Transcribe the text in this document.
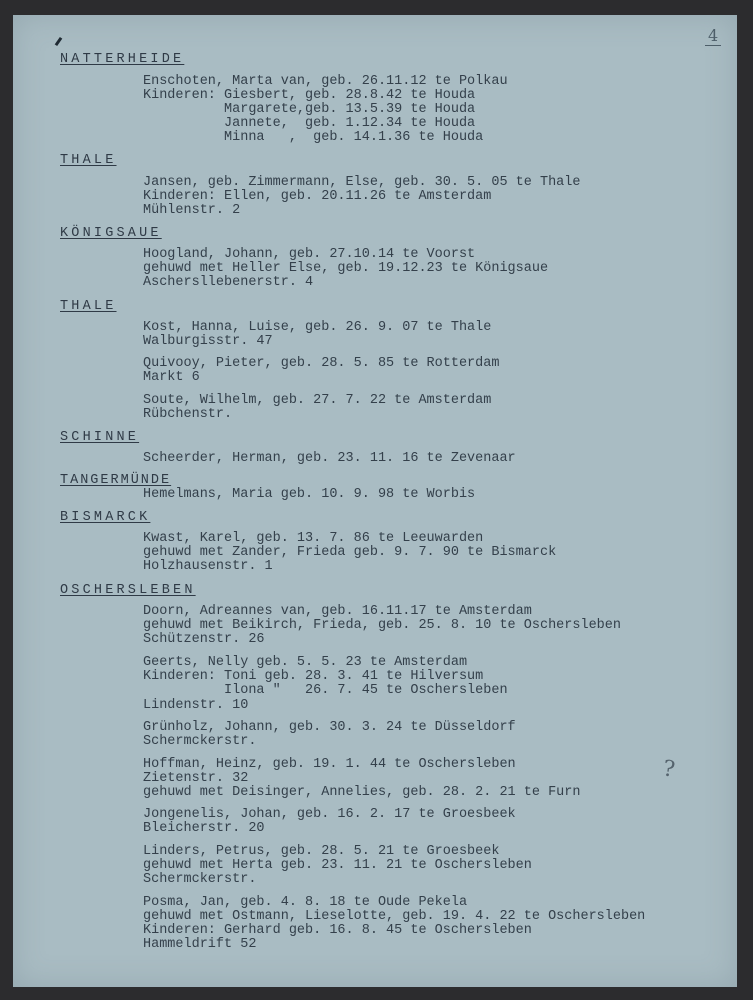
4
NATTERHEIDE
Enschoten, Marta van, geb. 26.11.12 te Polkau
Kinderen: Giesbert, geb. 28.8.42 te Houda
Margarete,geb. 13.5.39 te Houda
Jannete,  geb. 1.12.34 te Houda
Minna   ,  geb. 14.1.36 te Houda
THALE
Jansen, geb. Zimmermann, Else, geb. 30. 5. 05 te Thale
Kinderen: Ellen, geb. 20.11.26 te Amsterdam
Mühlenstr. 2
KÖNIGSAUE
Hoogland, Johann, geb. 27.10.14 te Voorst
gehuwd met Heller Else, geb. 19.12.23 te Königsaue
Aschersllebenerstr. 4
THALE
Kost, Hanna, Luise, geb. 26. 9. 07 te Thale
Walburgisstr. 47
Quivooy, Pieter, geb. 28. 5. 85 te Rotterdam
Markt 6
Soute, Wilhelm, geb. 27. 7. 22 te Amsterdam
Rübchenstr.
SCHINNE
Scheerder, Herman, geb. 23. 11. 16 te Zevenaar
TANGERMÜNDE
Hemelmans, Maria geb. 10. 9. 98 te Worbis
BISMARCK
Kwast, Karel, geb. 13. 7. 86 te Leeuwarden
gehuwd met Zander, Frieda geb. 9. 7. 90 te Bismarck
Holzhausenstr. 1
OSCHERSLEBEN
Doorn, Adreannes van, geb. 16.11.17 te Amsterdam
gehuwd met Beikirch, Frieda, geb. 25. 8. 10 te Oschersleben
Schützenstr. 26
Geerts, Nelly geb. 5. 5. 23 te Amsterdam
Kinderen: Toni geb. 28. 3. 41 te Hilversum
Ilona "   26. 7. 45 te Oschersleben
Lindenstr. 10
Grünholz, Johann, geb. 30. 3. 24 te Düsseldorf
Schermckerstr.
Hoffman, Heinz, geb. 19. 1. 44 te Oschersleben
Zietenstr. 32
gehuwd met Deisinger, Annelies, geb. 28. 2. 21 te Furn
Jongenelis, Johan, geb. 16. 2. 17 te Groesbeek
Bleicherstr. 20
Linders, Petrus, geb. 28. 5. 21 te Groesbeek
gehuwd met Herta geb. 23. 11. 21 te Oschersleben
Schermckerstr.
Posma, Jan, geb. 4. 8. 18 te Oude Pekela
gehuwd met Ostmann, Lieselotte, geb. 19. 4. 22 te Oschersleben
Kinderen: Gerhard geb. 16. 8. 45 te Oschersleben
Hammeldrift 52
?
